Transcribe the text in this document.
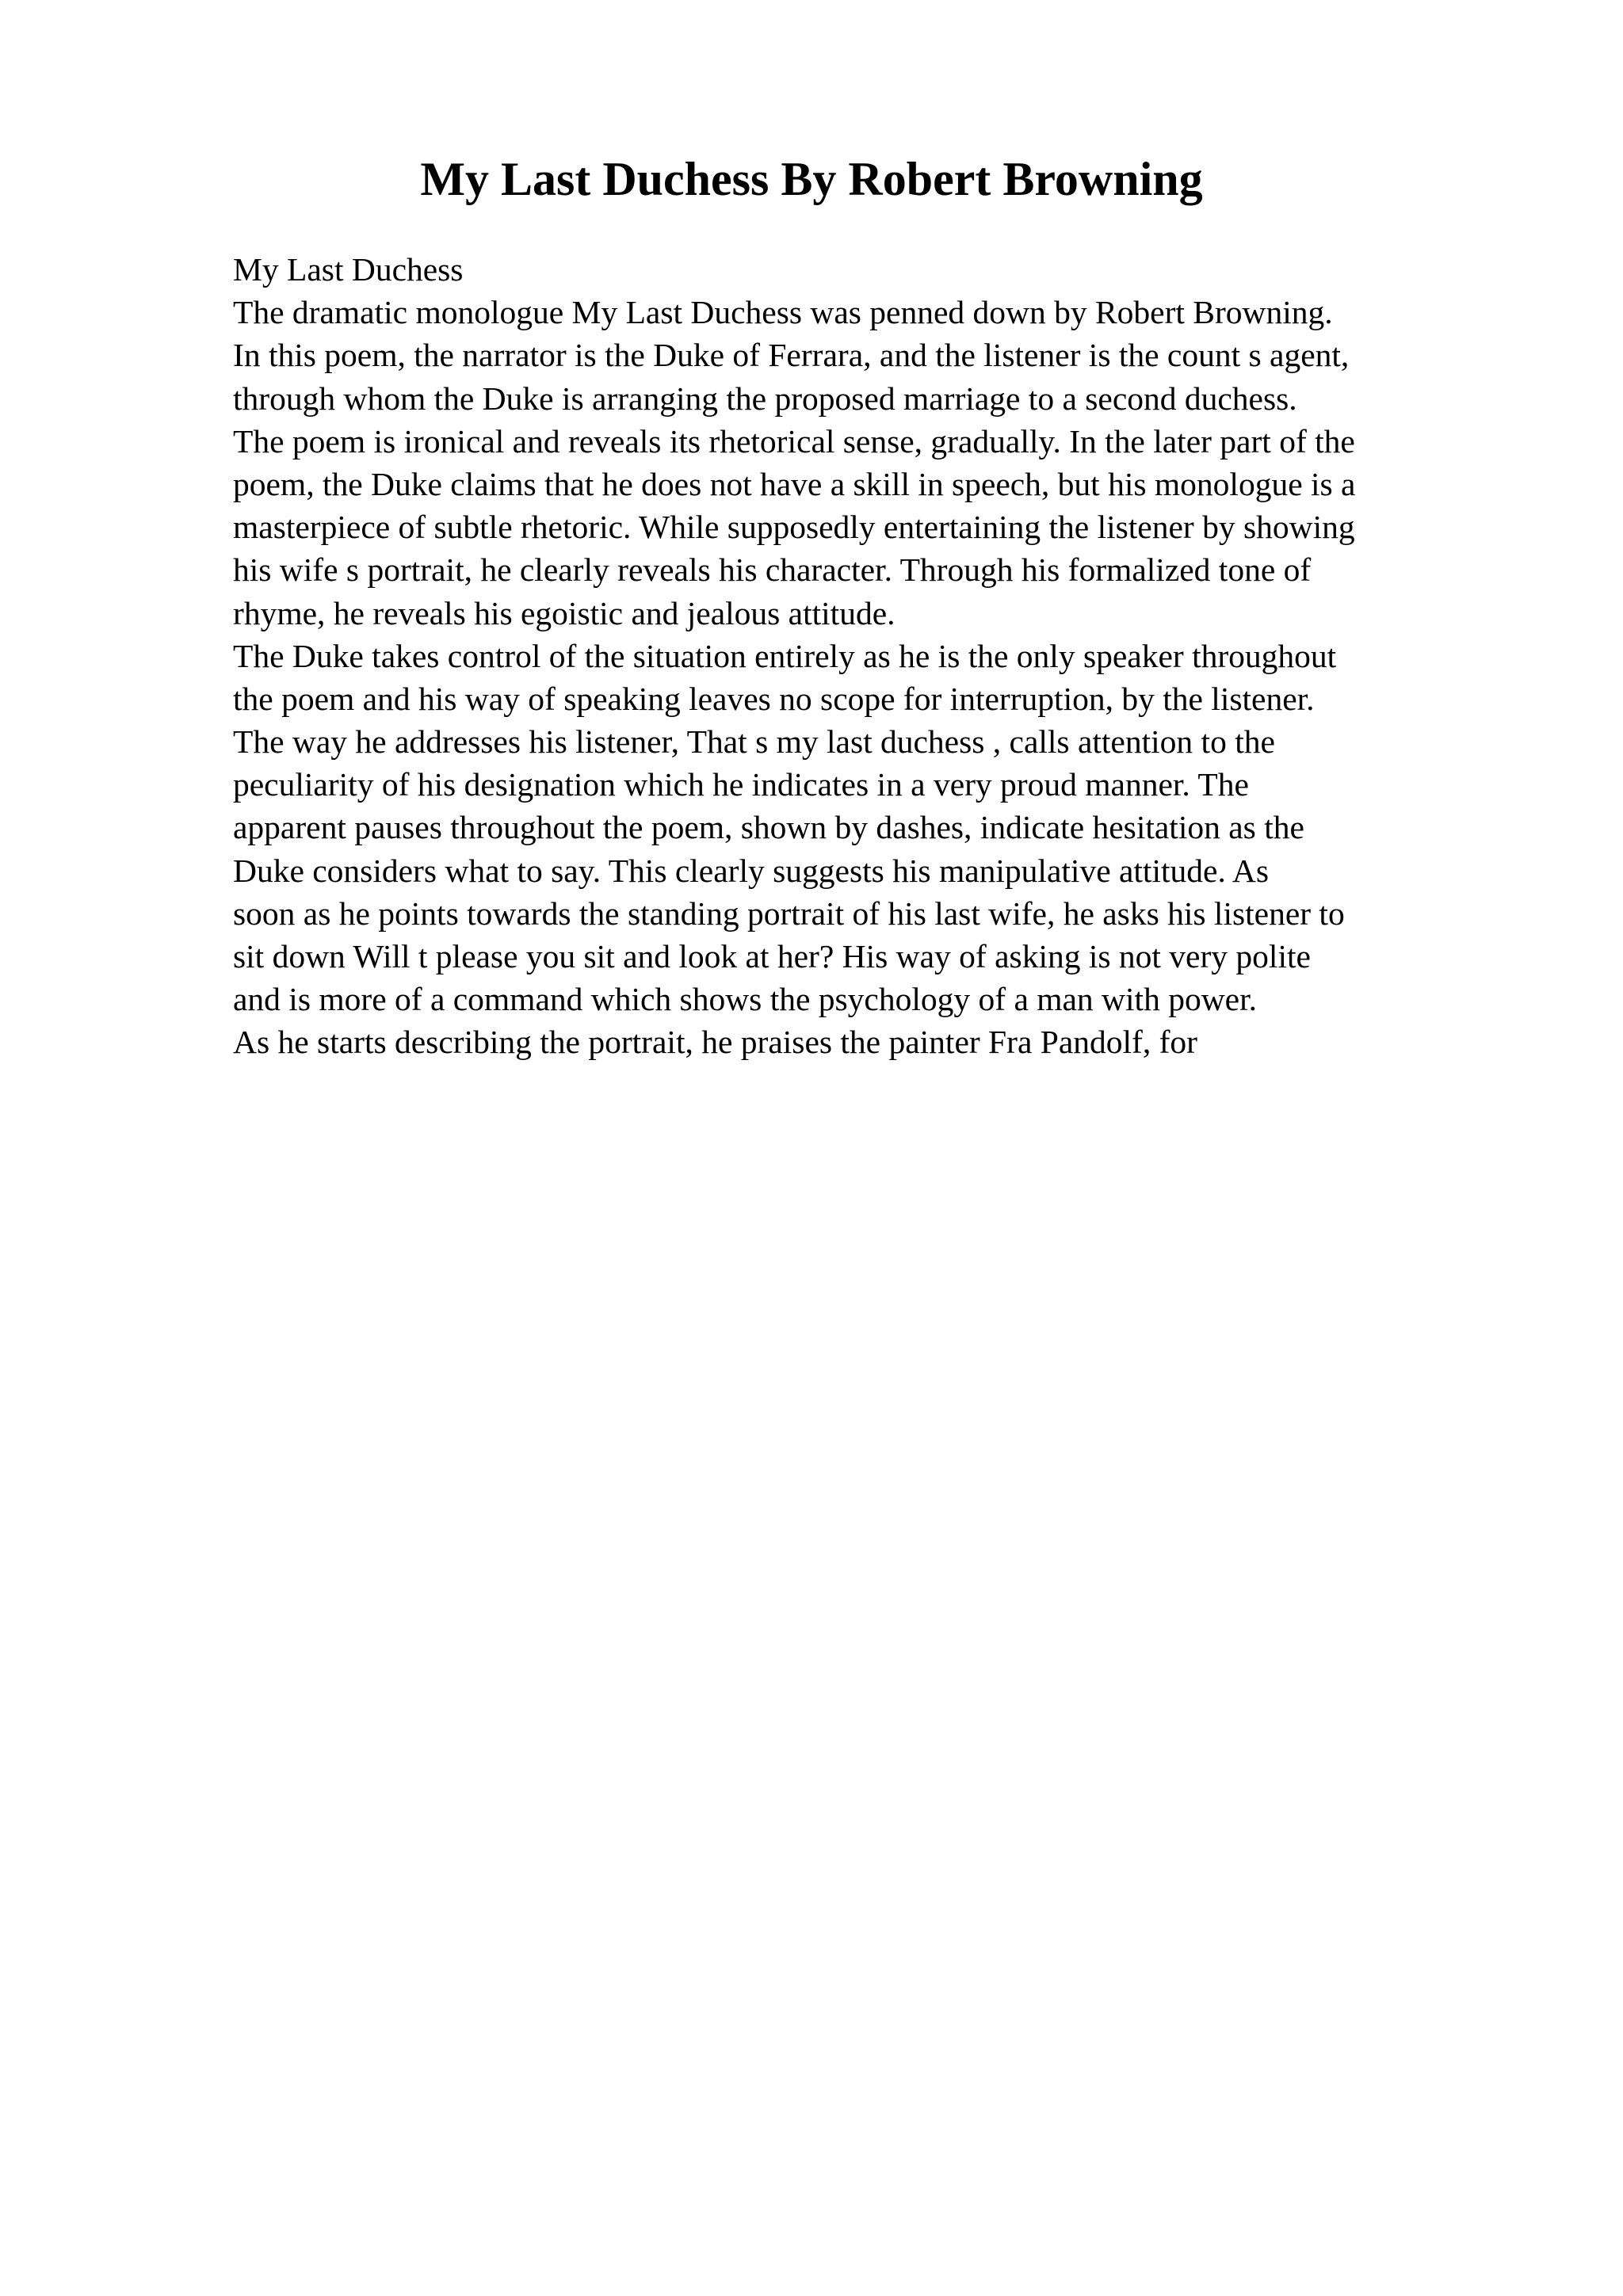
My Last Duchess By Robert Browning
My Last Duchess
The dramatic monologue My Last Duchess was penned down by Robert Browning.
In this poem, the narrator is the Duke of Ferrara, and the listener is the count s agent,
through whom the Duke is arranging the proposed marriage to a second duchess.
The poem is ironical and reveals its rhetorical sense, gradually. In the later part of the
poem, the Duke claims that he does not have a skill in speech, but his monologue is a
masterpiece of subtle rhetoric. While supposedly entertaining the listener by showing
his wife s portrait, he clearly reveals his character. Through his formalized tone of
rhyme, he reveals his egoistic and jealous attitude.
The Duke takes control of the situation entirely as he is the only speaker throughout
the poem and his way of speaking leaves no scope for interruption, by the listener.
The way he addresses his listener, That s my last duchess , calls attention to the
peculiarity of his designation which he indicates in a very proud manner. The
apparent pauses throughout the poem, shown by dashes, indicate hesitation as the
Duke considers what to say. This clearly suggests his manipulative attitude. As
soon as he points towards the standing portrait of his last wife, he asks his listener to
sit down Will t please you sit and look at her? His way of asking is not very polite
and is more of a command which shows the psychology of a man with power.
As he starts describing the portrait, he praises the painter Fra Pandolf, for
